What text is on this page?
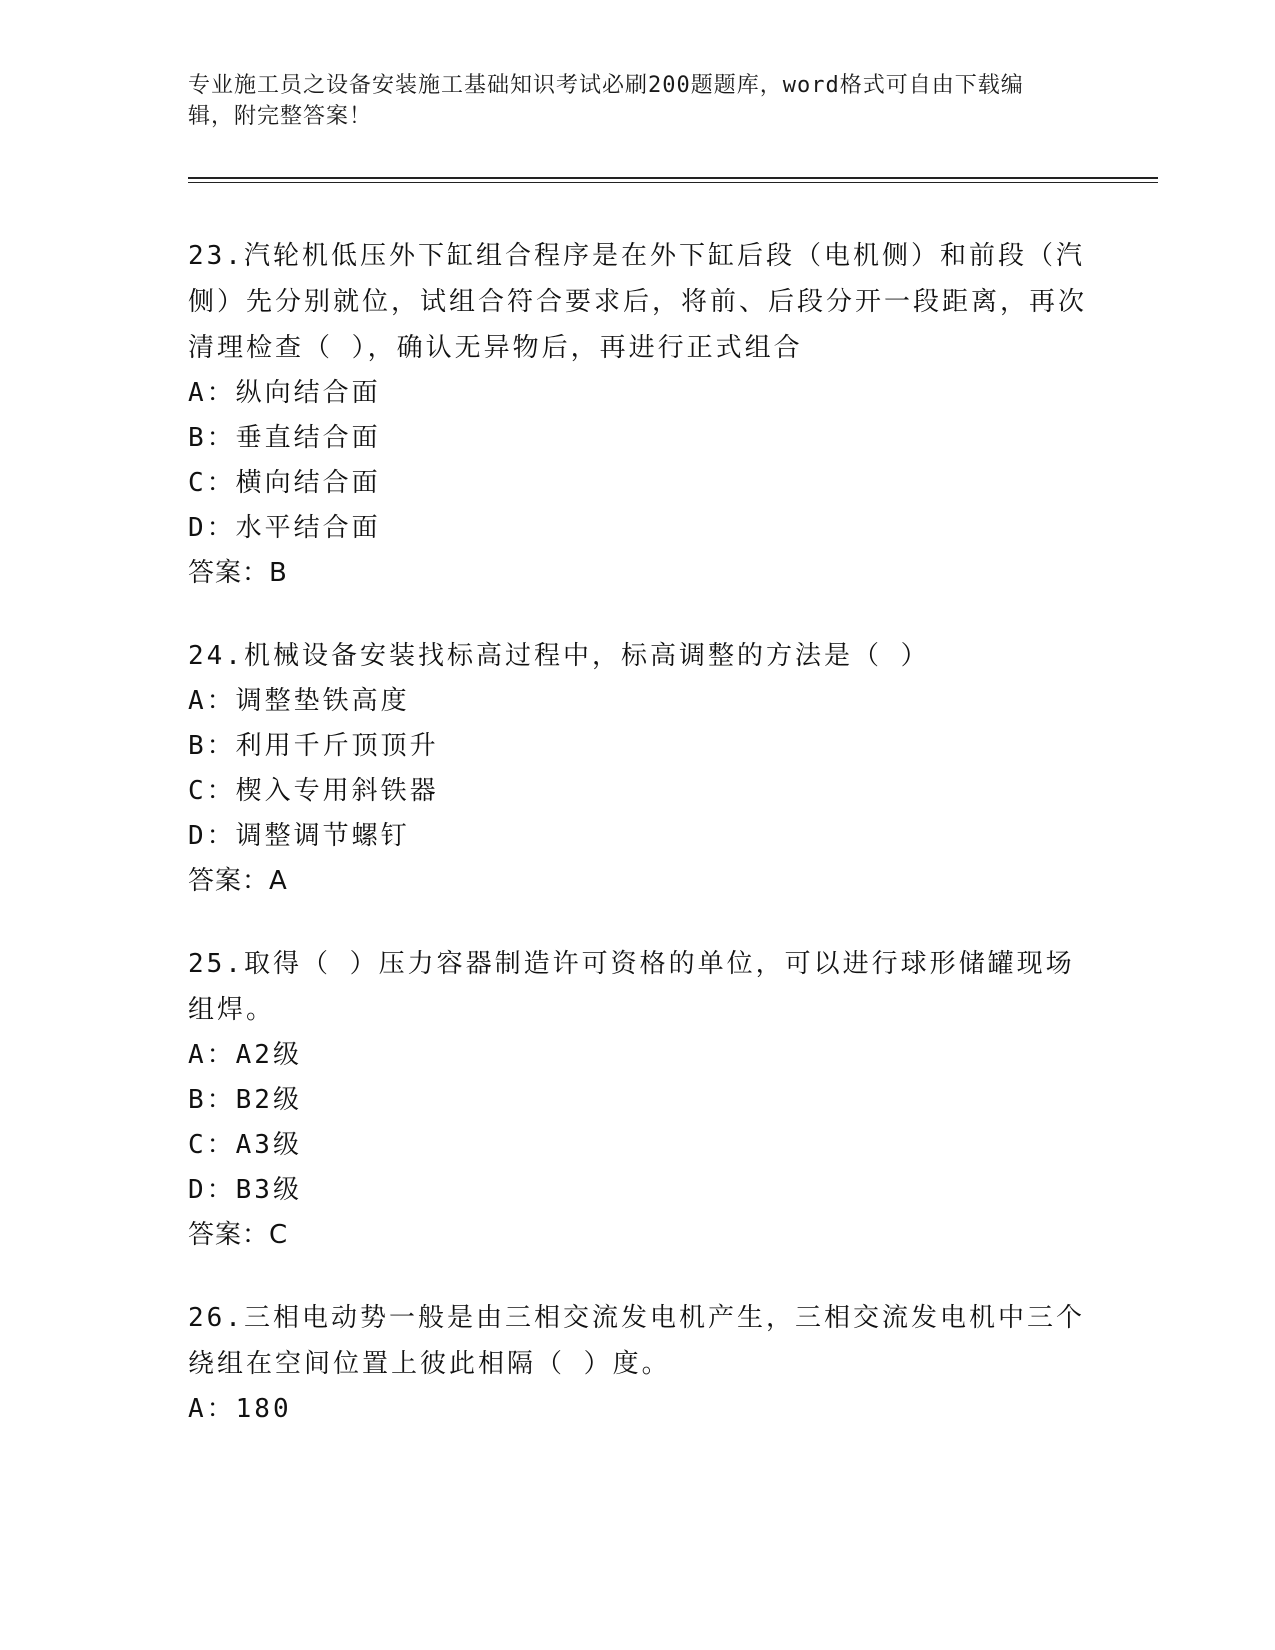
专业施工员之设备安装施工基础知识考试必刷200题题库，word格式可自由下载编辑，附完整答案！
23.汽轮机低压外下缸组合程序是在外下缸后段（电机侧）和前段（汽侧）先分别就位，试组合符合要求后，将前、后段分开一段距离，再次清理检查（ ），确认无异物后，再进行正式组合
A：纵向结合面
B：垂直结合面
C：横向结合面
D：水平结合面
答案：B
24.机械设备安装找标高过程中，标高调整的方法是（ ）
A：调整垫铁高度
B：利用千斤顶顶升
C：楔入专用斜铁器
D：调整调节螺钉
答案：A
25.取得（ ）压力容器制造许可资格的单位，可以进行球形储罐现场组焊。
A：A2级
B：B2级
C：A3级
D：B3级
答案：C
26.三相电动势一般是由三相交流发电机产生，三相交流发电机中三个绕组在空间位置上彼此相隔（ ）度。
A：180
